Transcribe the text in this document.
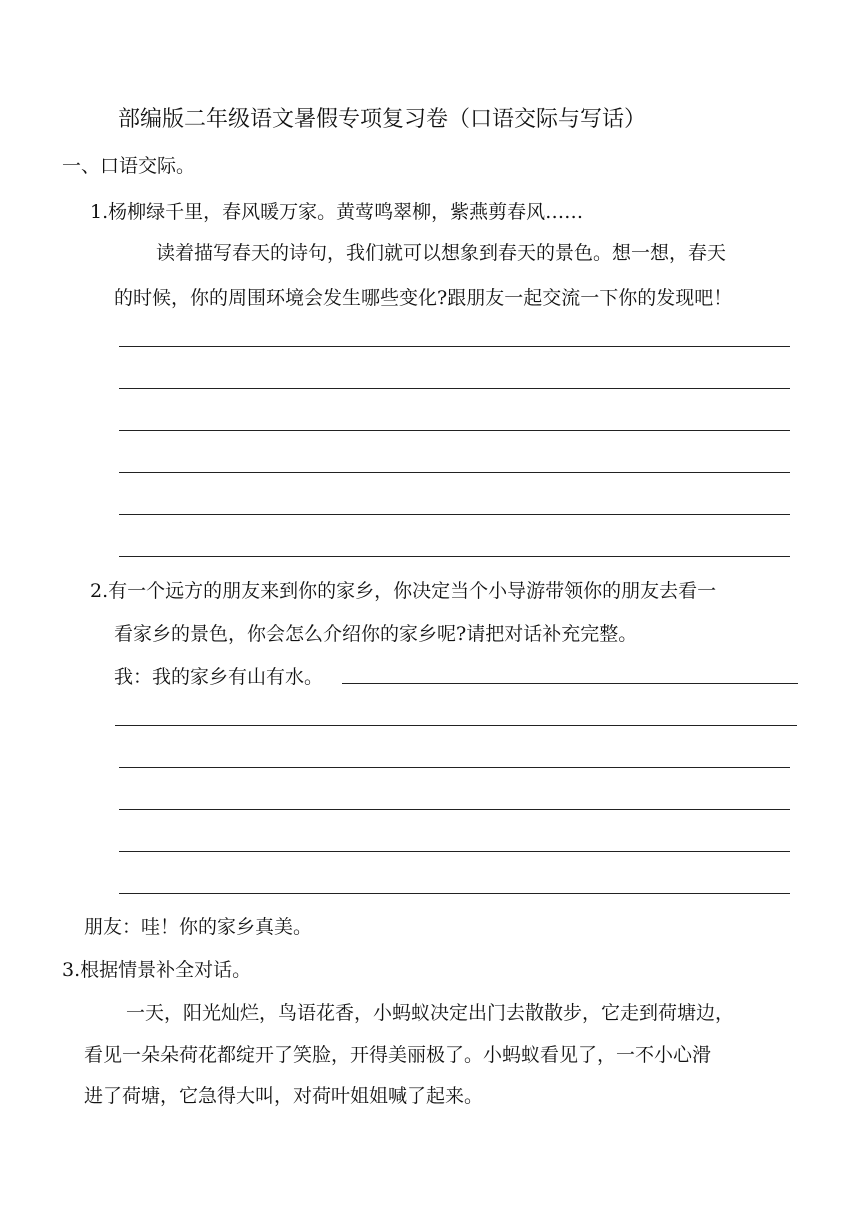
部编版二年级语文暑假专项复习卷（口语交际与写话）
一、口语交际。
1.杨柳绿千里，春风暖万家。黄莺鸣翠柳，紫燕剪春风……
读着描写春天的诗句，我们就可以想象到春天的景色。想一想，春天
的时候，你的周围环境会发生哪些变化?跟朋友一起交流一下你的发现吧！
2.有一个远方的朋友来到你的家乡，你决定当个小导游带领你的朋友去看一
看家乡的景色，你会怎么介绍你的家乡呢?请把对话补充完整。
我：我的家乡有山有水。
朋友：哇！你的家乡真美。
3.根据情景补全对话。
一天，阳光灿烂，鸟语花香，小蚂蚁决定出门去散散步，它走到荷塘边，
看见一朵朵荷花都绽开了笑脸，开得美丽极了。小蚂蚁看见了，一不小心滑
进了荷塘，它急得大叫，对荷叶姐姐喊了起来。
